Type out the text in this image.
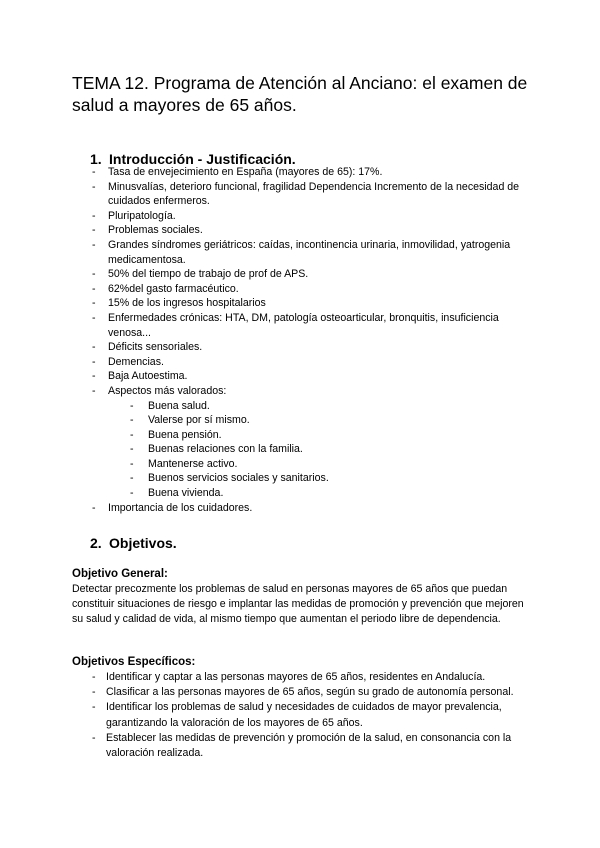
TEMA 12. Programa de Atención al Anciano: el examen de salud a mayores de 65 años.
1. Introducción - Justificación.
- Tasa de envejecimiento en España (mayores de 65): 17%.
- Minusvalías, deterioro funcional, fragilidad Dependencia Incremento de la necesidad de cuidados enfermeros.
- Pluripatología.
- Problemas sociales.
- Grandes síndromes geriátricos: caídas, incontinencia urinaria, inmovilidad, yatrogenia medicamentosa.
- 50% del tiempo de trabajo de prof de APS.
- 62%del gasto farmacéutico.
- 15% de los ingresos hospitalarios
- Enfermedades crónicas: HTA, DM, patología osteoarticular, bronquitis, insuficiencia venosa...
- Déficits sensoriales.
- Demencias.
- Baja Autoestima.
- Aspectos más valorados:
- Buena salud.
- Valerse por sí mismo.
- Buena pensión.
- Buenas relaciones con la familia.
- Mantenerse activo.
- Buenos servicios sociales y sanitarios.
- Buena vivienda.
- Importancia de los cuidadores.
2. Objetivos.
Objetivo General:

Detectar precozmente los problemas de salud en personas mayores de 65 años que puedan constituir situaciones de riesgo e implantar las medidas de promoción y prevención que mejoren su salud y calidad de vida, al mismo tiempo que aumentan el periodo libre de dependencia.

Objetivos Específicos:
- Identificar y captar a las personas mayores de 65 años, residentes en Andalucía.
- Clasificar a las personas mayores de 65 años, según su grado de autonomía personal.
- Identificar los problemas de salud y necesidades de cuidados de mayor prevalencia, garantizando la valoración de los mayores de 65 años.
- Establecer las medidas de prevención y promoción de la salud, en consonancia con la valoración realizada.
